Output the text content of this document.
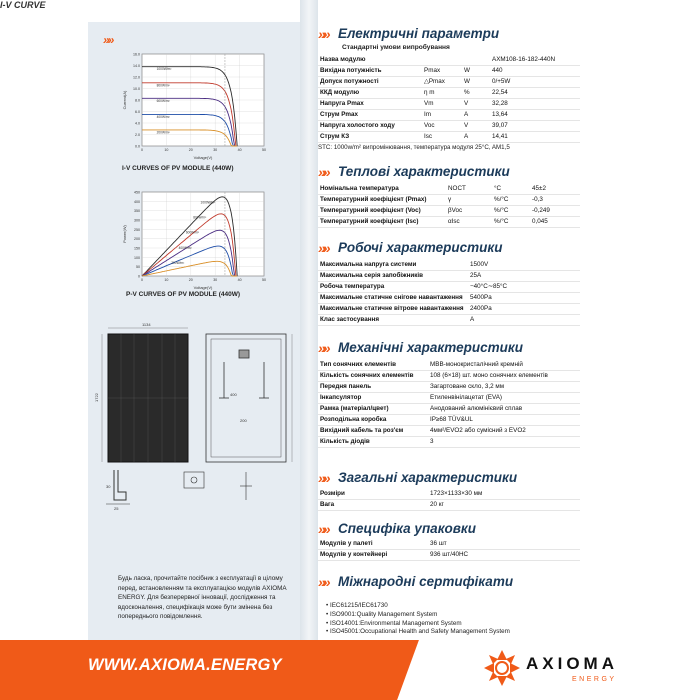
»»
I-V CURVE
0.0
2.0
4.0
6.0
8.0
10.0
12.0
14.0
16.0
0	10	20	30	40	50
Voltage(V)
Current(A)
1000W/m²
800W/m²
600W/m²
400W/m²
200W/m²
I-V CURVES OF PV MODULE (440W)
0
50
100
150
200
250
300
350
400
450
0	10	20	30	40	50
Voltage(V)
Power(W)
1000W/m²
800W/m²
600W/m²
400W/m²
200W/m²
P-V CURVES OF PV MODULE (440W)
1134
1722
25
30
400
200
Будь ласка, прочитайте посібник з експлуатації в цілому перед, встановленням та експлуатацією модулів AXIOMA ENERGY. Для безперервної інновації, дослідження та вдосконалення, специфікація може бути змінена без попереднього повідомлення.
»» Електричні параметри
Стандартні умови випробування
Назва модулю			AXM108-16-182-440N
Вихідна потужність	Pmax	W	440
Допуск потужності	△Pmax	W	0/+5W
ККД модулю	η m	%	22,54
Напруга Pmax	Vm	V	32,28
Струм Pmax	Im	A	13,64
Напруга холостого ходу	Voc	V	39,07
Струм КЗ	Isc	A	14,41
STC: 1000w/m² випромінювання, температура модуля 25°C, AM1,5
»» Теплові характеристики
Номінальна температура	NOCT	°C	45±2
Температурний коефіцієнт (Pmax)	γ	%/°C	-0,3
Температурний коефіцієнт (Voc)	βVoc	%/°C	-0,249
Температурний коефіцієнт (Isc)	αIsc	%/°C	0,045
»» Робочі характеристики
Максимальна напруга системи	1500V
Максимальна серія запобіжників	25A
Робоча температура	−40°C∼85°C
Максимальне статичне снігове навантаження	5400Pa
Максимальне статичне вітрове навантаження	2400Pa
Клас застосування	A
»» Механічні характеристики
Тип сонячних елементів	MBB-монокристалічний кремній
Кількість сонячних елементів	108 (6×18) шт. моно сонячних елементів
Передня панель	Загартоване скло, 3,2 мм
Інкапсулятор	Етиленвінілацетат (EVA)
Рамка (матеріал/цвет)	Анодований алюмінієвий сплав
Розподільна коробка	IP≥68 TÜV&UL
Вихідний кабель та роз'єм	4мм²/EVO2 або сумісний з EVO2
Кількість діодів	3
»» Загальні характеристики
Розміри	1723×1133×30 мм
Вага	20 кг
»» Специфіка упаковки
Модулів у палеті	36 шт
Модулів у контейнері	936 шт/40HC
»» Міжнародні сертифікати
• IEC61215/IEC61730
• ISO9001:Quality Management System
• ISO14001:Environmental Management System
• ISO45001:Occupational Health and Safety Management System
WWW.AXIOMA.ENERGY	AXIOMA
ENERGY
